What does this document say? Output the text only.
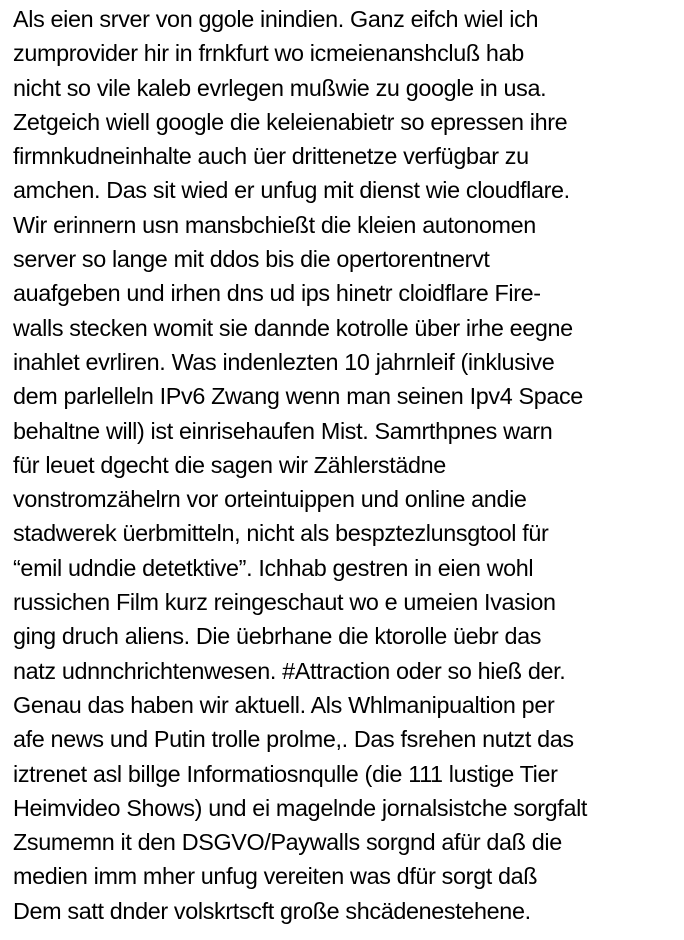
Als eien srver von ggole inindien. Ganz eifch wiel ich
zumprovider hir in frnkfurt wo icmeienanshcluß hab
nicht so vile kaleb evrlegen mußwie zu google in usa.
Zetgeich wiell google die keleienabietr so epressen ihre
firmnkudneinhalte auch üer drittenetze verfügbar zu
amchen. Das sit wied er unfug mit dienst wie cloudflare.
Wir erinnern usn mansbchießt die kleien autonomen
server so lange mit ddos bis die opertorentnervt
auafgeben und irhen dns ud ips hinetr cloidflare Fire-
walls stecken womit sie dannde kotrolle über irhe eegne
inahlet evrliren. Was indenlezten 10 jahrnleif (inklusive
dem parlelleln IPv6 Zwang wenn man seinen Ipv4 Space
behaltne will) ist einrisehaufen Mist. Samrthpnes warn
für leuet dgecht die sagen wir Zählerstädne
vonstromzähelrn vor orteintuippen und online andie
stadwerek üerbmitteln, nicht als bespztezlunsgtool für
“emil udndie detetktive”. Ichhab gestren in eien wohl
russichen Film kurz reingeschaut wo e umeien Ivasion
ging druch aliens. Die üebrhane die ktorolle üebr das
natz udnnchrichtenwesen. #Attraction oder so hieß der.
Genau das haben wir aktuell. Als Whlmanipualtion per
afe news und Putin trolle prolme,. Das fsrehen nutzt das
iztrenet asl billge Informatiosnqulle (die 111 lustige Tier
Heimvideo Shows) und ei magelnde jornalsistche sorgfalt
Zsumemn it den DSGVO/Paywalls sorgnd afür daß die
medien imm mher unfug vereiten was dfür sorgt daß
Dem satt dnder volskrtscft große shcädenestehene.
